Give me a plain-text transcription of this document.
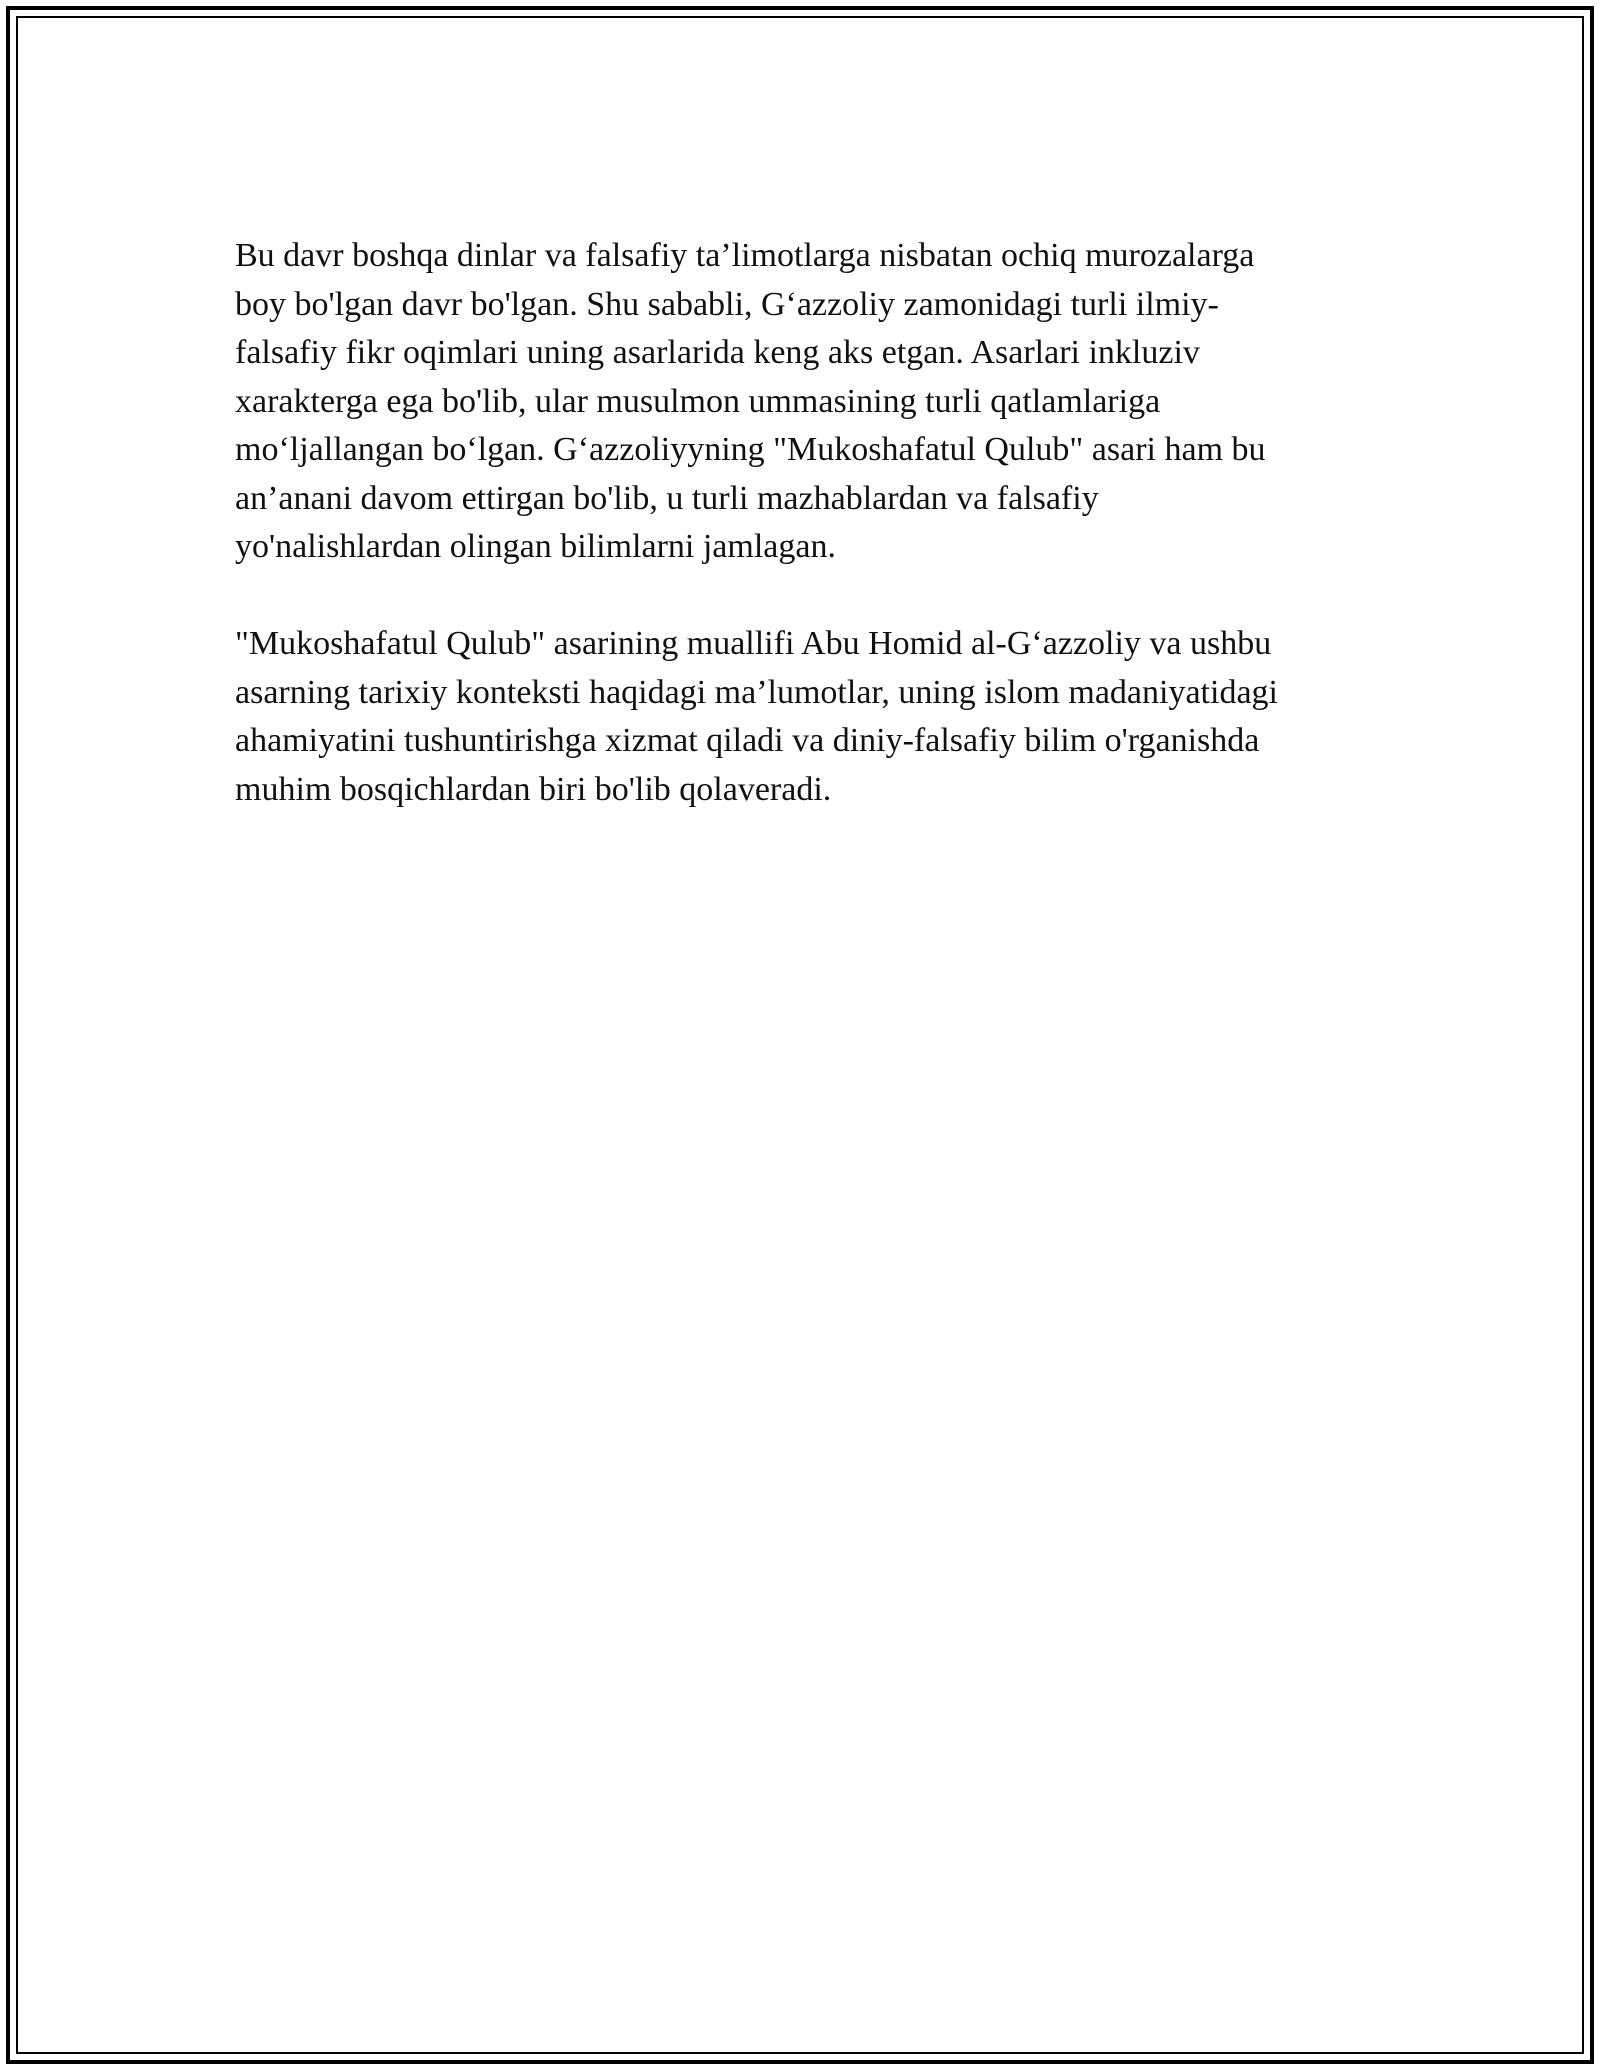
Bu davr boshqa dinlar va falsafiy ta’limotlarga nisbatan ochiq murozalarga
boy bo'lgan davr bo'lgan. Shu sababli, G‘azzoliy zamonidagi turli ilmiy-
falsafiy fikr oqimlari uning asarlarida keng aks etgan. Asarlari inkluziv
xarakterga ega bo'lib, ular musulmon ummasining turli qatlamlariga
mo‘ljallangan bo‘lgan. G‘azzoliyyning "Mukoshafatul Qulub" asari ham bu
an’anani davom ettirgan bo'lib, u turli mazhablardan va falsafiy
yo'nalishlardan olingan bilimlarni jamlagan.

"Mukoshafatul Qulub" asarining muallifi Abu Homid al-G‘azzoliy va ushbu
asarning tarixiy konteksti haqidagi ma’lumotlar, uning islom madaniyatidagi
ahamiyatini tushuntirishga xizmat qiladi va diniy-falsafiy bilim o'rganishda
muhim bosqichlardan biri bo'lib qolaveradi.
